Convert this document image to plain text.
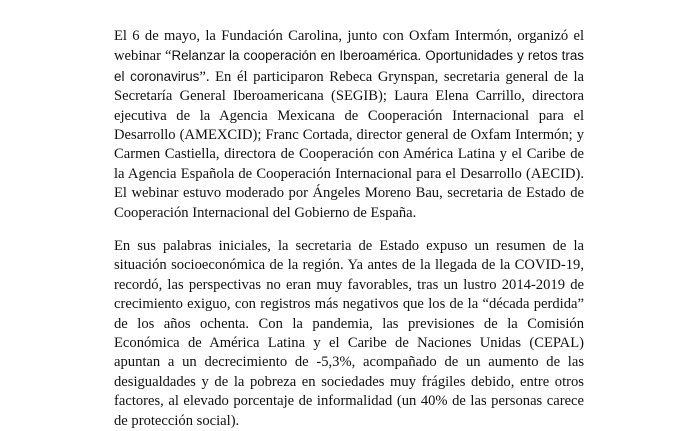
El 6 de mayo, la Fundación Carolina, junto con Oxfam Intermón, organizó el webinar “Relanzar la cooperación en Iberoamérica. Oportunidades y retos tras el coronavirus”. En él participaron Rebeca Grynspan, secretaria general de la Secretaría General Iberoamericana (SEGIB); Laura Elena Carrillo, directora ejecutiva de la Agencia Mexicana de Cooperación Internacional para el Desarrollo (AMEXCID); Franc Cortada, director general de Oxfam Intermón; y Carmen Castiella, directora de Cooperación con América Latina y el Caribe de la Agencia Española de Cooperación Internacional para el Desarrollo (AECID). El webinar estuvo moderado por Ángeles Moreno Bau, secretaria de Estado de Cooperación Internacional del Gobierno de España.

En sus palabras iniciales, la secretaria de Estado expuso un resumen de la situación socioeconómica de la región. Ya antes de la llegada de la COVID-19, recordó, las perspectivas no eran muy favorables, tras un lustro 2014-2019 de crecimiento exiguo, con registros más negativos que los de la “década perdida” de los años ochenta. Con la pandemia, las previsiones de la Comisión Económica de América Latina y el Caribe de Naciones Unidas (CEPAL) apuntan a un decrecimiento de -5,3%, acompañado de un aumento de las desigualdades y de la pobreza en sociedades muy frágiles debido, entre otros factores, al elevado porcentaje de informalidad (un 40% de las personas carece de protección social).
